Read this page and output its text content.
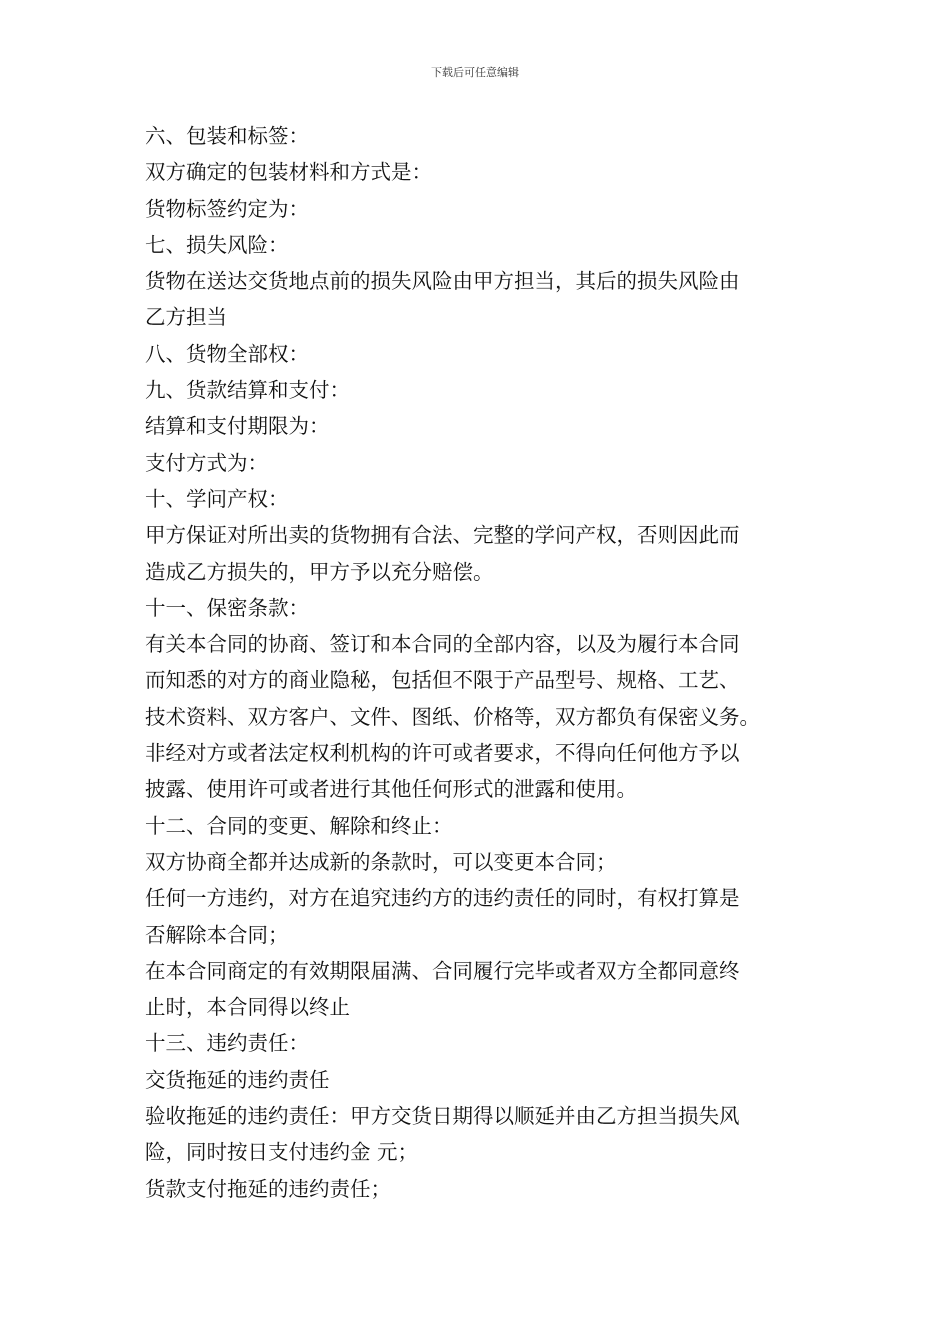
下载后可任意编辑

六、包装和标签：

双方确定的包装材料和方式是：

货物标签约定为：

七、损失风险：

货物在送达交货地点前的损失风险由甲方担当，其后的损失风险由

乙方担当

八、货物全部权：

九、货款结算和支付：

结算和支付期限为：

支付方式为：

十、学问产权：

甲方保证对所出卖的货物拥有合法、完整的学问产权，否则因此而

造成乙方损失的，甲方予以充分赔偿。

十一、保密条款：

有关本合同的协商、签订和本合同的全部内容，以及为履行本合同

而知悉的对方的商业隐秘，包括但不限于产品型号、规格、工艺、

技术资料、双方客户、文件、图纸、价格等，双方都负有保密义务。

非经对方或者法定权利机构的许可或者要求，不得向任何他方予以

披露、使用许可或者进行其他任何形式的泄露和使用。

十二、合同的变更、解除和终止：

双方协商全都并达成新的条款时，可以变更本合同；

任何一方违约，对方在追究违约方的违约责任的同时，有权打算是

否解除本合同；

在本合同商定的有效期限届满、合同履行完毕或者双方全都同意终

止时，本合同得以终止

十三、违约责任：

交货拖延的违约责任

验收拖延的违约责任：甲方交货日期得以顺延并由乙方担当损失风

险，同时按日支付违约金 元；

货款支付拖延的违约责任；
